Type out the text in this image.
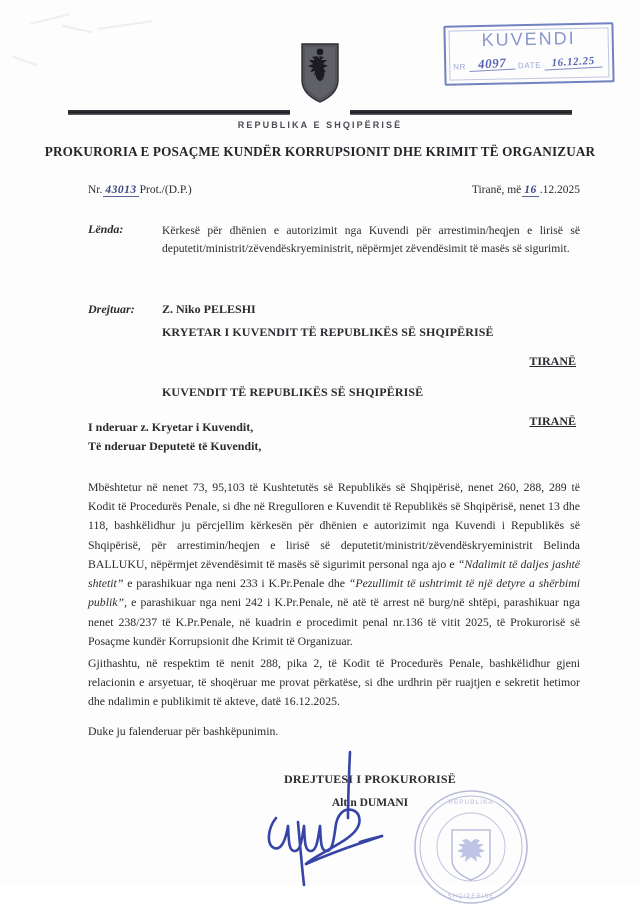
REPUBLIKA E SHQIPËRISË
PROKURORIA E POSAÇME KUNDËR KORRUPSIONIT DHE KRIMIT TË ORGANIZUAR
KUVENDI
NR 4097	DATE 16.12.25
Nr. 43013 Prot./(D.P.)	Tiranë, më 16 .12.2025
Lënda:	Kërkesë për dhënien e autorizimit nga Kuvendi për arrestimin/heqjen e lirisë së deputetit/ministrit/zëvendëskryeministrit, nëpërmjet zëvendësimit të masës së sigurimit.
Drejtuar:	Z. Niko PELESHI
KRYETAR I KUVENDIT TË REPUBLIKËS SË SHQIPËRISË
TIRANË
KUVENDIT TË REPUBLIKËS SË SHQIPËRISË
TIRANË
I nderuar z. Kryetar i Kuvendit,
Të nderuar Deputetë të Kuvendit,

Mbështetur në nenet 73, 95,103 të Kushtetutës së Republikës së Shqipërisë, nenet 260, 288, 289 të Kodit të Procedurës Penale, si dhe në Rregulloren e Kuvendit të Republikës së Shqipërisë, nenet 13 dhe 118, bashkëlidhur ju përcjellim kërkesën për dhënien e autorizimit nga Kuvendi i Republikës së Shqipërisë, për arrestimin/heqjen e lirisë së deputetit/ministrit/zëvendëskryeministrit Belinda BALLUKU, nëpërmjet zëvendësimit të masës së sigurimit personal nga ajo e “Ndalimit të daljes jashtë shtetit” e parashikuar nga neni 233 i K.Pr.Penale dhe “Pezullimit të ushtrimit të një detyre a shërbimi publik”, e parashikuar nga neni 242 i K.Pr.Penale, në atë të arrest në burg/në shtëpi, parashikuar nga nenet 238/237 të K.Pr.Penale, në kuadrin e procedimit penal nr.136 të vitit 2025, të Prokurorisë së Posaçme kundër Korrupsionit dhe Krimit të Organizuar.

Gjithashtu, në respektim të nenit 288, pika 2, të Kodit të Procedurës Penale, bashkëlidhur gjeni relacionin e arsyetuar, të shoqëruar me provat përkatëse, si dhe urdhrin për ruajtjen e sekretit hetimor dhe ndalimin e publikimit të akteve, datë 16.12.2025.

Duke ju falenderuar për bashkëpunimin.

DREJTUESI I PROKURORISË
Altin DUMANI	REPUBLIKA
SHQIPERISE
